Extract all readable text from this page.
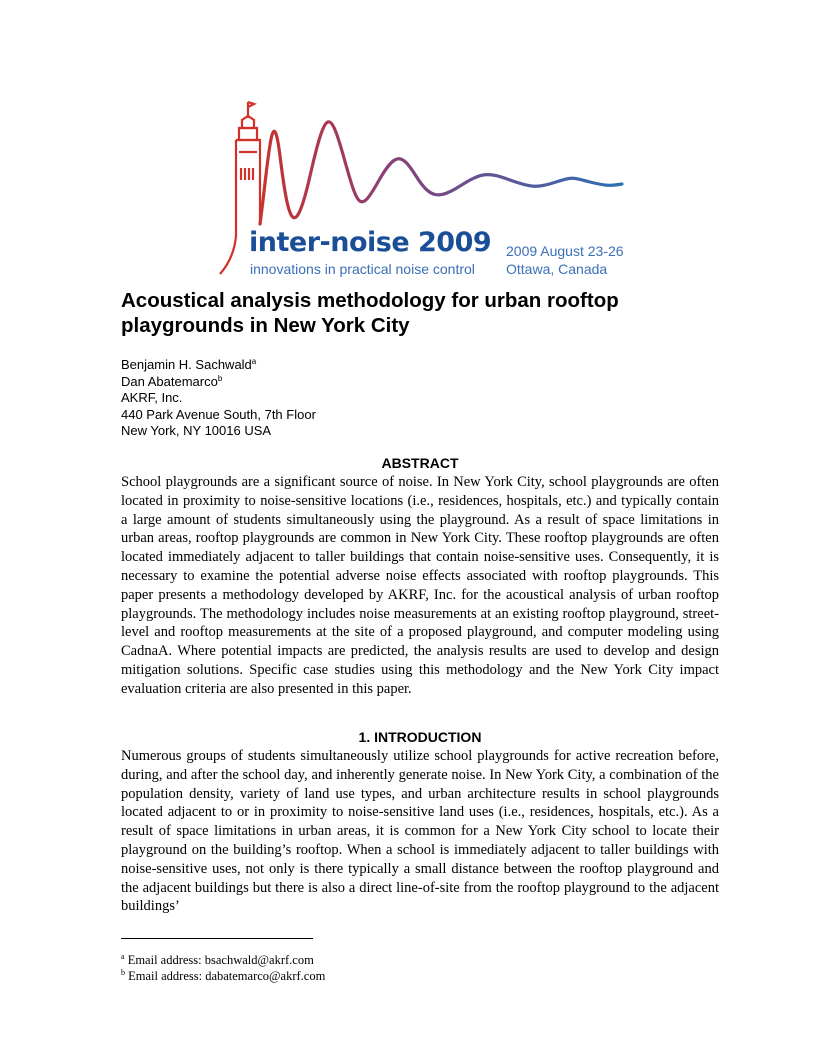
inter-noise 2009
innovations in practical noise control
2009 August 23-26
Ottawa, Canada
Acoustical analysis methodology for urban rooftop playgrounds in New York City
Benjamin H. Sachwald$^a$
Dan Abatemarco$^b$
AKRF, Inc.
440 Park Avenue South, 7th Floor
New York, NY 10016 USA
ABSTRACT

School playgrounds are a significant source of noise. In New York City, school playgrounds are often located in proximity to noise-sensitive locations (i.e., residences, hospitals, etc.) and typically contain a large amount of students simultaneously using the playground. As a result of space limitations in urban areas, rooftop playgrounds are common in New York City. These rooftop playgrounds are often located immediately adjacent to taller buildings that contain noise-sensitive uses. Consequently, it is necessary to examine the potential adverse noise effects associated with rooftop playgrounds. This paper presents a methodology developed by AKRF, Inc. for the acoustical analysis of urban rooftop playgrounds. The methodology includes noise measurements at an existing rooftop playground, street-level and rooftop measurements at the site of a proposed playground, and computer modeling using CadnaA. Where potential impacts are predicted, the analysis results are used to develop and design mitigation solutions. Specific case studies using this methodology and the New York City impact evaluation criteria are also presented in this paper.

1. INTRODUCTION

Numerous groups of students simultaneously utilize school playgrounds for active recreation before, during, and after the school day, and inherently generate noise. In New York City, a combination of the population density, variety of land use types, and urban architecture results in school playgrounds located adjacent to or in proximity to noise-sensitive land uses (i.e., residences, hospitals, etc.). As a result of space limitations in urban areas, it is common for a New York City school to locate their playground on the building’s rooftop. When a school is immediately adjacent to taller buildings with noise-sensitive uses, not only is there typically a small distance between the rooftop playground and the adjacent buildings but there is also a direct line-of-site from the rooftop playground to the adjacent buildings’

$^a$ Email address: bsachwald@akrf.com
$^b$ Email address: dabatemarco@akrf.com
